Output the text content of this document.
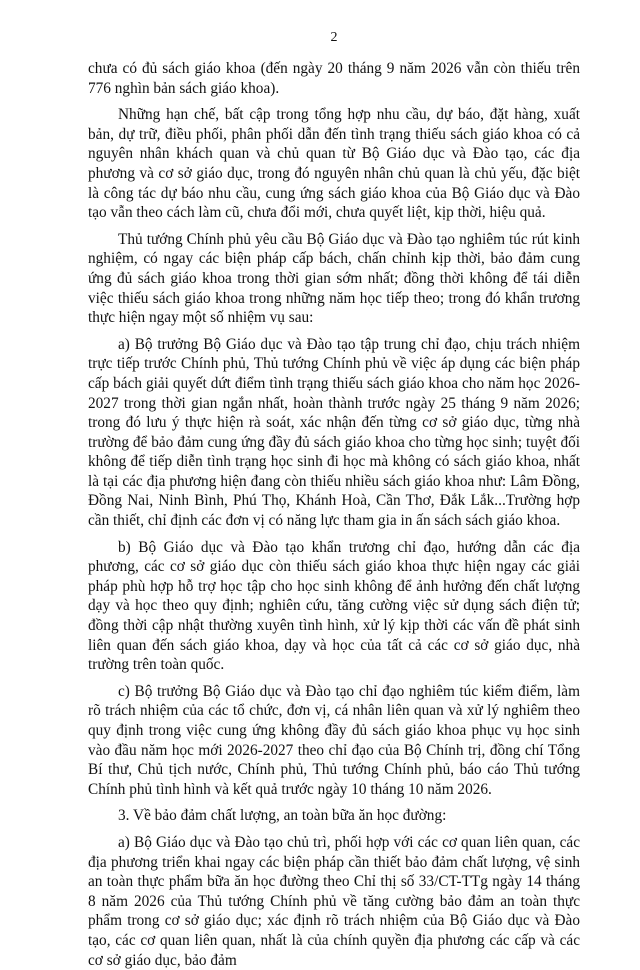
2

chưa có đủ sách giáo khoa (đến ngày 20 tháng 9 năm 2026 vẫn còn thiếu trên 776 nghìn bản sách giáo khoa).

Những hạn chế, bất cập trong tổng hợp nhu cầu, dự báo, đặt hàng, xuất bản, dự trữ, điều phối, phân phối dẫn đến tình trạng thiếu sách giáo khoa có cả nguyên nhân khách quan và chủ quan từ Bộ Giáo dục và Đào tạo, các địa phương và cơ sở giáo dục, trong đó nguyên nhân chủ quan là chủ yếu, đặc biệt là công tác dự báo nhu cầu, cung ứng sách giáo khoa của Bộ Giáo dục và Đào tạo vẫn theo cách làm cũ, chưa đổi mới, chưa quyết liệt, kịp thời, hiệu quả.

Thủ tướng Chính phủ yêu cầu Bộ Giáo dục và Đào tạo nghiêm túc rút kinh nghiệm, có ngay các biện pháp cấp bách, chấn chỉnh kịp thời, bảo đảm cung ứng đủ sách giáo khoa trong thời gian sớm nhất; đồng thời không để tái diễn việc thiếu sách giáo khoa trong những năm học tiếp theo; trong đó khẩn trương thực hiện ngay một số nhiệm vụ sau:

a) Bộ trưởng Bộ Giáo dục và Đào tạo tập trung chỉ đạo, chịu trách nhiệm trực tiếp trước Chính phủ, Thủ tướng Chính phủ về việc áp dụng các biện pháp cấp bách giải quyết dứt điểm tình trạng thiếu sách giáo khoa cho năm học 2026-2027 trong thời gian ngắn nhất, hoàn thành trước ngày 25 tháng 9 năm 2026; trong đó lưu ý thực hiện rà soát, xác nhận đến từng cơ sở giáo dục, từng nhà trường để bảo đảm cung ứng đầy đủ sách giáo khoa cho từng học sinh; tuyệt đối không để tiếp diễn tình trạng học sinh đi học mà không có sách giáo khoa, nhất là tại các địa phương hiện đang còn thiếu nhiều sách giáo khoa như: Lâm Đồng, Đồng Nai, Ninh Bình, Phú Thọ, Khánh Hoà, Cần Thơ, Đắk Lắk...Trường hợp cần thiết, chỉ định các đơn vị có năng lực tham gia in ấn sách sách giáo khoa.

b) Bộ Giáo dục và Đào tạo khẩn trương chỉ đạo, hướng dẫn các địa phương, các cơ sở giáo dục còn thiếu sách giáo khoa thực hiện ngay các giải pháp phù hợp hỗ trợ học tập cho học sinh không để ảnh hưởng đến chất lượng dạy và học theo quy định; nghiên cứu, tăng cường việc sử dụng sách điện tử; đồng thời cập nhật thường xuyên tình hình, xử lý kịp thời các vấn đề phát sinh liên quan đến sách giáo khoa, dạy và học của tất cả các cơ sở giáo dục, nhà trường trên toàn quốc.

c) Bộ trưởng Bộ Giáo dục và Đào tạo chỉ đạo nghiêm túc kiểm điểm, làm rõ trách nhiệm của các tổ chức, đơn vị, cá nhân liên quan và xử lý nghiêm theo quy định trong việc cung ứng không đầy đủ sách giáo khoa phục vụ học sinh vào đầu năm học mới 2026-2027 theo chỉ đạo của Bộ Chính trị, đồng chí Tổng Bí thư, Chủ tịch nước, Chính phủ, Thủ tướng Chính phủ, báo cáo Thủ tướng Chính phủ tình hình và kết quả trước ngày 10 tháng 10 năm 2026.

3. Về bảo đảm chất lượng, an toàn bữa ăn học đường:

a) Bộ Giáo dục và Đào tạo chủ trì, phối hợp với các cơ quan liên quan, các địa phương triển khai ngay các biện pháp cần thiết bảo đảm chất lượng, vệ sinh an toàn thực phẩm bữa ăn học đường theo Chỉ thị số 33/CT-TTg ngày 14 tháng 8 năm 2026 của Thủ tướng Chính phủ về tăng cường bảo đảm an toàn thực phẩm trong cơ sở giáo dục; xác định rõ trách nhiệm của Bộ Giáo dục và Đào tạo, các cơ quan liên quan, nhất là của chính quyền địa phương các cấp và các cơ sở giáo dục, bảo đảm
